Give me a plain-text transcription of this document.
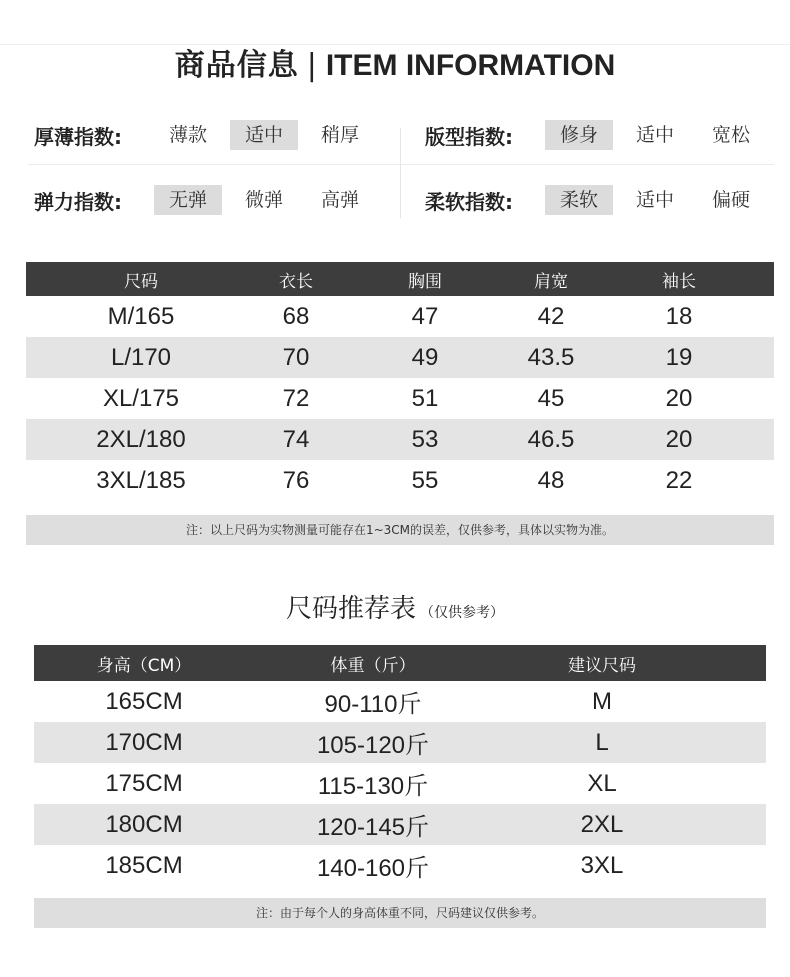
商品信息 | ITEM INFORMATION
厚薄指数:	薄款	适中	稍厚	版型指数:	修身	适中	宽松
弹力指数:	无弹	微弹	高弹	柔软指数:	柔软	适中	偏硬
尺码	衣长	胸围	肩宽	袖长
M/165	68	47	42	18
L/170	70	49	43.5	19
XL/175	72	51	45	20
2XL/180	74	53	46.5	20
3XL/185	76	55	48	22
注：以上尺码为实物测量可能存在1~3CM的误差，仅供参考，具体以实物为准。
尺码推荐表 （仅供参考）
身高（CM）	体重（斤）	建议尺码
165CM	90-110斤	M
170CM	105-120斤	L
175CM	115-130斤	XL
180CM	120-145斤	2XL
185CM	140-160斤	3XL
注：由于每个人的身高体重不同，尺码建议仅供参考。
